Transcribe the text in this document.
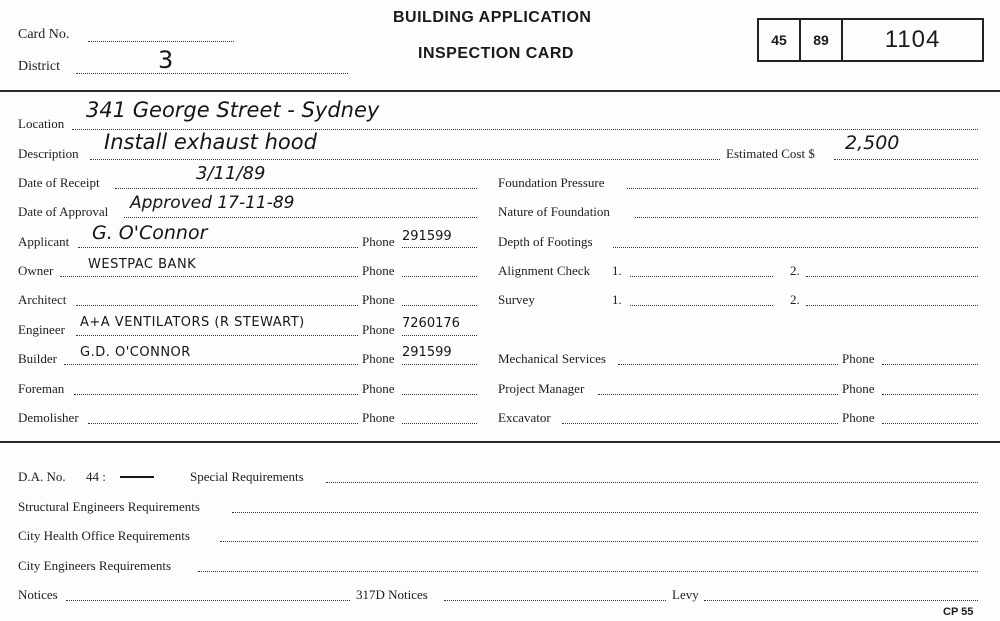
Card No.
District	3
BUILDING APPLICATION
INSPECTION CARD
45	89	1104
Location
341 George Street - Sydney
Description Install exhaust hood	Estimated Cost $ 2,500
Date of Receipt	3/11/89
Date of Approval Approved 17-11-89
Applicant G. O'Connor	Phone 291599
Owner	WESTPAC BANK	Phone
Architect	Phone
Engineer A+A VENTILATORS (R STEWART)	Phone 7260176
Builder G.D. O'CONNOR	Phone 291599
Foreman	Phone
Demolisher	Phone
Foundation Pressure
Nature of Foundation
Depth of Footings
Alignment Check 1.	2.
Survey	1.	2.
Mechanical Services	Phone
Project Manager	Phone
Excavator	Phone
D.A. No. 44 :	Special Requirements
Structural Engineers Requirements
City Health Office Requirements
City Engineers Requirements
Notices	317D Notices	Levy
CP 55
